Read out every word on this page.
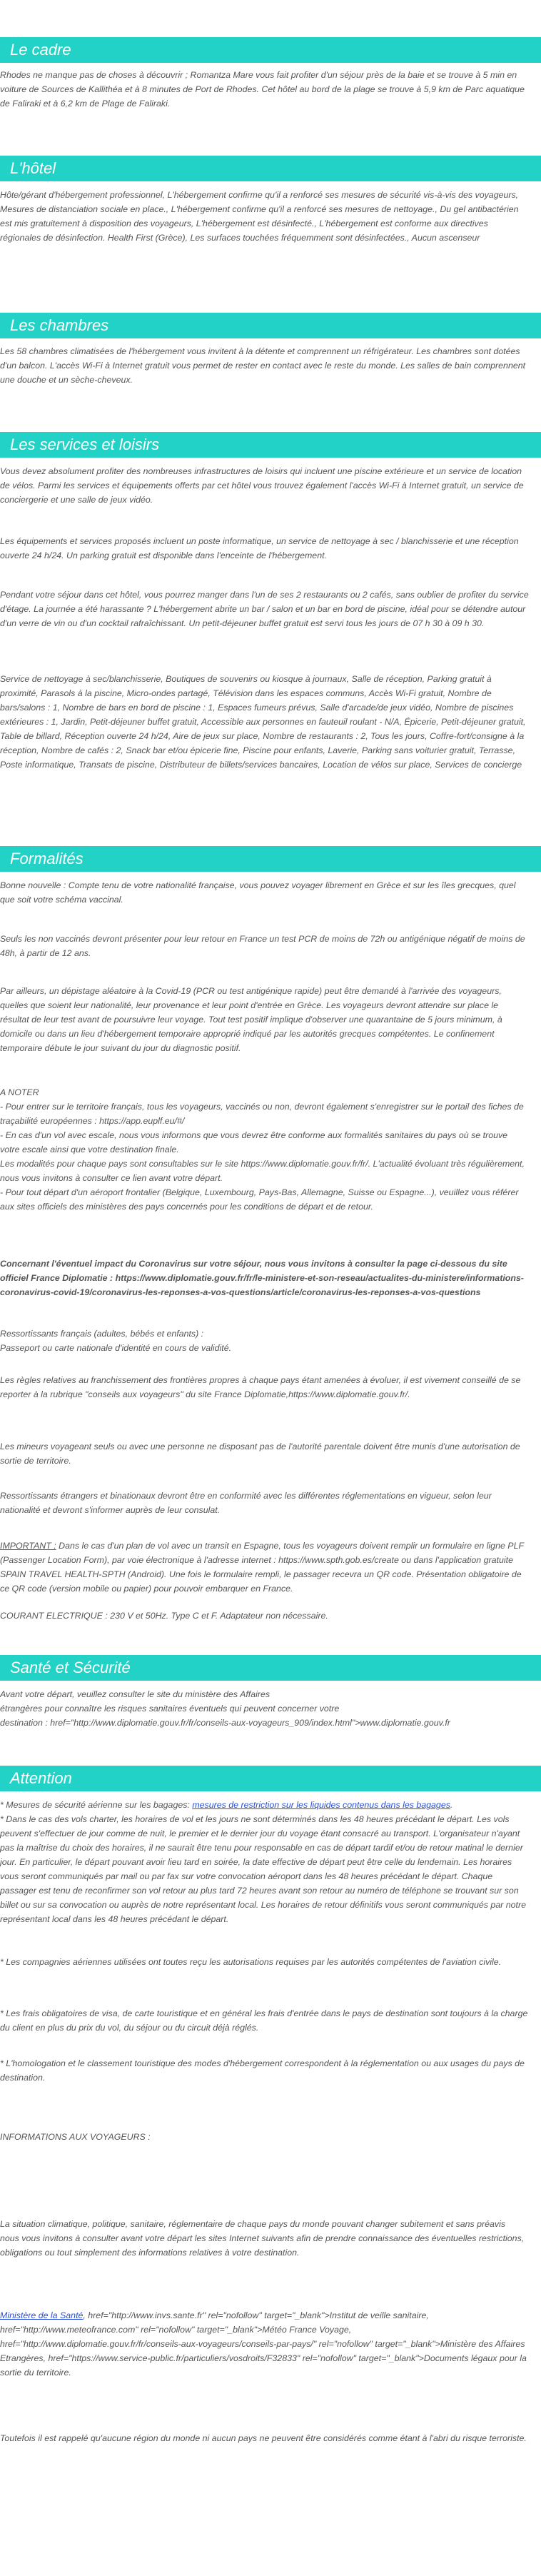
Le cadre

Rhodes ne manque pas de choses à découvrir ; Romantza Mare vous fait profiter d'un séjour près de la baie et se trouve à 5 min en voiture de Sources de Kallithéa et à 8 minutes de Port de Rhodes. Cet hôtel au bord de la plage se trouve à 5,9 km de Parc aquatique de Faliraki et à 6,2 km de Plage de Faliraki.

L'hôtel

Hôte/gérant d'hébergement professionnel, L'hébergement confirme qu'il a renforcé ses mesures de sécurité vis-à-vis des voyageurs, Mesures de distanciation sociale en place., L'hébergement confirme qu'il a renforcé ses mesures de nettoyage., Du gel antibactérien est mis gratuitement à disposition des voyageurs, L'hébergement est désinfecté., L'hébergement est conforme aux directives régionales de désinfection. Health First (Grèce), Les surfaces touchées fréquemment sont désinfectées., Aucun ascenseur

Les chambres

Les 58 chambres climatisées de l'hébergement vous invitent à la détente et comprennent un réfrigérateur. Les chambres sont dotées d'un balcon. L'accès Wi-Fi à Internet gratuit vous permet de rester en contact avec le reste du monde. Les salles de bain comprennent une douche et un sèche-cheveux.

Les services et loisirs

Vous devez absolument profiter des nombreuses infrastructures de loisirs qui incluent une piscine extérieure et un service de location de vélos. Parmi les services et équipements offerts par cet hôtel vous trouvez également l'accès Wi-Fi à Internet gratuit, un service de conciergerie et une salle de jeux vidéo.

Les équipements et services proposés incluent un poste informatique, un service de nettoyage à sec / blanchisserie et une réception ouverte 24 h/24. Un parking gratuit est disponible dans l'enceinte de l'hébergement.

Pendant votre séjour dans cet hôtel, vous pourrez manger dans l'un de ses 2 restaurants ou 2 cafés, sans oublier de profiter du service d'étage. La journée a été harassante ? L'hébergement abrite un bar / salon et un bar en bord de piscine, idéal pour se détendre autour d'un verre de vin ou d'un cocktail rafraîchissant. Un petit-déjeuner buffet gratuit est servi tous les jours de 07 h 30 à 09 h 30.

Service de nettoyage à sec/blanchisserie, Boutiques de souvenirs ou kiosque à journaux, Salle de réception, Parking gratuit à proximité, Parasols à la piscine, Micro-ondes partagé, Télévision dans les espaces communs, Accès Wi-Fi gratuit, Nombre de bars/salons : 1, Nombre de bars en bord de piscine : 1, Espaces fumeurs prévus, Salle d'arcade/de jeux vidéo, Nombre de piscines extérieures : 1, Jardin, Petit-déjeuner buffet gratuit, Accessible aux personnes en fauteuil roulant - N/A, Épicerie, Petit-déjeuner gratuit, Table de billard, Réception ouverte 24 h/24, Aire de jeux sur place, Nombre de restaurants : 2, Tous les jours, Coffre-fort/consigne à la réception, Nombre de cafés : 2, Snack bar et/ou épicerie fine, Piscine pour enfants, Laverie, Parking sans voiturier gratuit, Terrasse, Poste informatique, Transats de piscine, Distributeur de billets/services bancaires, Location de vélos sur place, Services de concierge

Formalités

Bonne nouvelle : Compte tenu de votre nationalité française, vous pouvez voyager librement en Grèce et sur les îles grecques, quel que soit votre schéma vaccinal.

Seuls les non vaccinés devront présenter pour leur retour en France un test PCR de moins de 72h ou antigénique négatif de moins de 48h, à partir de 12 ans.

Par ailleurs, un dépistage aléatoire à la Covid-19 (PCR ou test antigénique rapide) peut être demandé à l'arrivée des voyageurs, quelles que soient leur nationalité, leur provenance et leur point d'entrée en Grèce. Les voyageurs devront attendre sur place le résultat de leur test avant de poursuivre leur voyage. Tout test positif implique d'observer une quarantaine de 5 jours minimum, à domicile ou dans un lieu d'hébergement temporaire approprié indiqué par les autorités grecques compétentes. Le confinement temporaire débute le jour suivant du jour du diagnostic positif.

A NOTER

- Pour entrer sur le territoire français, tous les voyageurs, vaccinés ou non, devront également s'enregistrer sur le portail des fiches de traçabilité européennes : https://app.euplf.eu/#/

- En cas d'un vol avec escale, nous vous informons que vous devrez être conforme aux formalités sanitaires du pays où se trouve votre escale ainsi que votre destination finale.

Les modalités pour chaque pays sont consultables sur le site https://www.diplomatie.gouv.fr/fr/. L'actualité évoluant très régulièrement, nous vous invitons à consulter ce lien avant votre départ.

- Pour tout départ d'un aéroport frontalier (Belgique, Luxembourg, Pays-Bas, Allemagne, Suisse ou Espagne...), veuillez vous référer aux sites officiels des ministères des pays concernés pour les conditions de départ et de retour.

Concernant l'éventuel impact du Coronavirus sur votre séjour, nous vous invitons à consulter la page ci-dessous du site officiel France Diplomatie : https://www.diplomatie.gouv.fr/fr/le-ministere-et-son-reseau/actualites-du-ministere/informations-coronavirus-covid-19/coronavirus-les-reponses-a-vos-questions/article/coronavirus-les-reponses-a-vos-questions

Ressortissants français (adultes, bébés et enfants) :

Passeport ou carte nationale d'identité en cours de validité.

Les règles relatives au franchissement des frontières propres à chaque pays étant amenées à évoluer, il est vivement conseillé de se reporter à la rubrique "conseils aux voyageurs" du site France Diplomatie,https://www.diplomatie.gouv.fr/.

Les mineurs voyageant seuls ou avec une personne ne disposant pas de l'autorité parentale doivent être munis d'une autorisation de sortie de territoire.

Ressortissants étrangers et binationaux devront être en conformité avec les différentes réglementations en vigueur, selon leur nationalité et devront s'informer auprès de leur consulat.

IMPORTANT : Dans le cas d'un plan de vol avec un transit en Espagne, tous les voyageurs doivent remplir un formulaire en ligne PLF (Passenger Location Form), par voie électronique à l'adresse internet : https://www.spth.gob.es/create ou dans l'application gratuite SPAIN TRAVEL HEALTH-SPTH (Android). Une fois le formulaire rempli, le passager recevra un QR code. Présentation obligatoire de ce QR code (version mobile ou papier) pour pouvoir embarquer en France.

COURANT ELECTRIQUE : 230 V et 50Hz. Type C et F. Adaptateur non nécessaire.

Santé et Sécurité

Avant votre départ, veuillez consulter le site du ministère des Affaires

étrangères pour connaître les risques sanitaires éventuels qui peuvent concerner votre

destination : href="http://www.diplomatie.gouv.fr/fr/conseils-aux-voyageurs_909/index.html">www.diplomatie.gouv.fr

Attention

* Mesures de sécurité aérienne sur les bagages: mesures de restriction sur les liquides contenus dans les bagages.

* Dans le cas des vols charter, les horaires de vol et les jours ne sont déterminés dans les 48 heures précédant le départ. Les vols peuvent s'effectuer de jour comme de nuit, le premier et le dernier jour du voyage étant consacré au transport. L'organisateur n'ayant pas la maîtrise du choix des horaires, il ne saurait être tenu pour responsable en cas de départ tardif et/ou de retour matinal le dernier jour. En particulier, le départ pouvant avoir lieu tard en soirée, la date effective de départ peut être celle du lendemain. Les horaires vous seront communiqués par mail ou par fax sur votre convocation aéroport dans les 48 heures précédant le départ. Chaque passager est tenu de reconfirmer son vol retour au plus tard 72 heures avant son retour au numéro de téléphone se trouvant sur son billet ou sur sa convocation ou auprès de notre représentant local. Les horaires de retour définitifs vous seront communiqués par notre représentant local dans les 48 heures précédant le départ.

* Les compagnies aériennes utilisées ont toutes reçu les autorisations requises par les autorités compétentes de l'aviation civile.

* Les frais obligatoires de visa, de carte touristique et en général les frais d'entrée dans le pays de destination sont toujours à la charge du client en plus du prix du vol, du séjour ou du circuit déjà réglés.

* L'homologation et le classement touristique des modes d'hébergement correspondent à la réglementation ou aux usages du pays de destination.

INFORMATIONS AUX VOYAGEURS :

La situation climatique, politique, sanitaire, réglementaire de chaque pays du monde pouvant changer subitement et sans préavis

nous vous invitons à consulter avant votre départ les sites Internet suivants afin de prendre connaissance des éventuelles restrictions, obligations ou tout simplement des informations relatives à votre destination.

Ministère de la Santé, href="http://www.invs.sante.fr" rel="nofollow" target="_blank">Institut de veille sanitaire, href="http://www.meteofrance.com" rel="nofollow" target="_blank">Météo France Voyage, href="http://www.diplomatie.gouv.fr/fr/conseils-aux-voyageurs/conseils-par-pays/" rel="nofollow" target="_blank">Ministère des Affaires Etrangères, href="https://www.service-public.fr/particuliers/vosdroits/F32833" rel="nofollow" target="_blank">Documents légaux pour la sortie du territoire.

Toutefois il est rappelé qu'aucune région du monde ni aucun pays ne peuvent être considérés comme étant à l'abri du risque terroriste.
